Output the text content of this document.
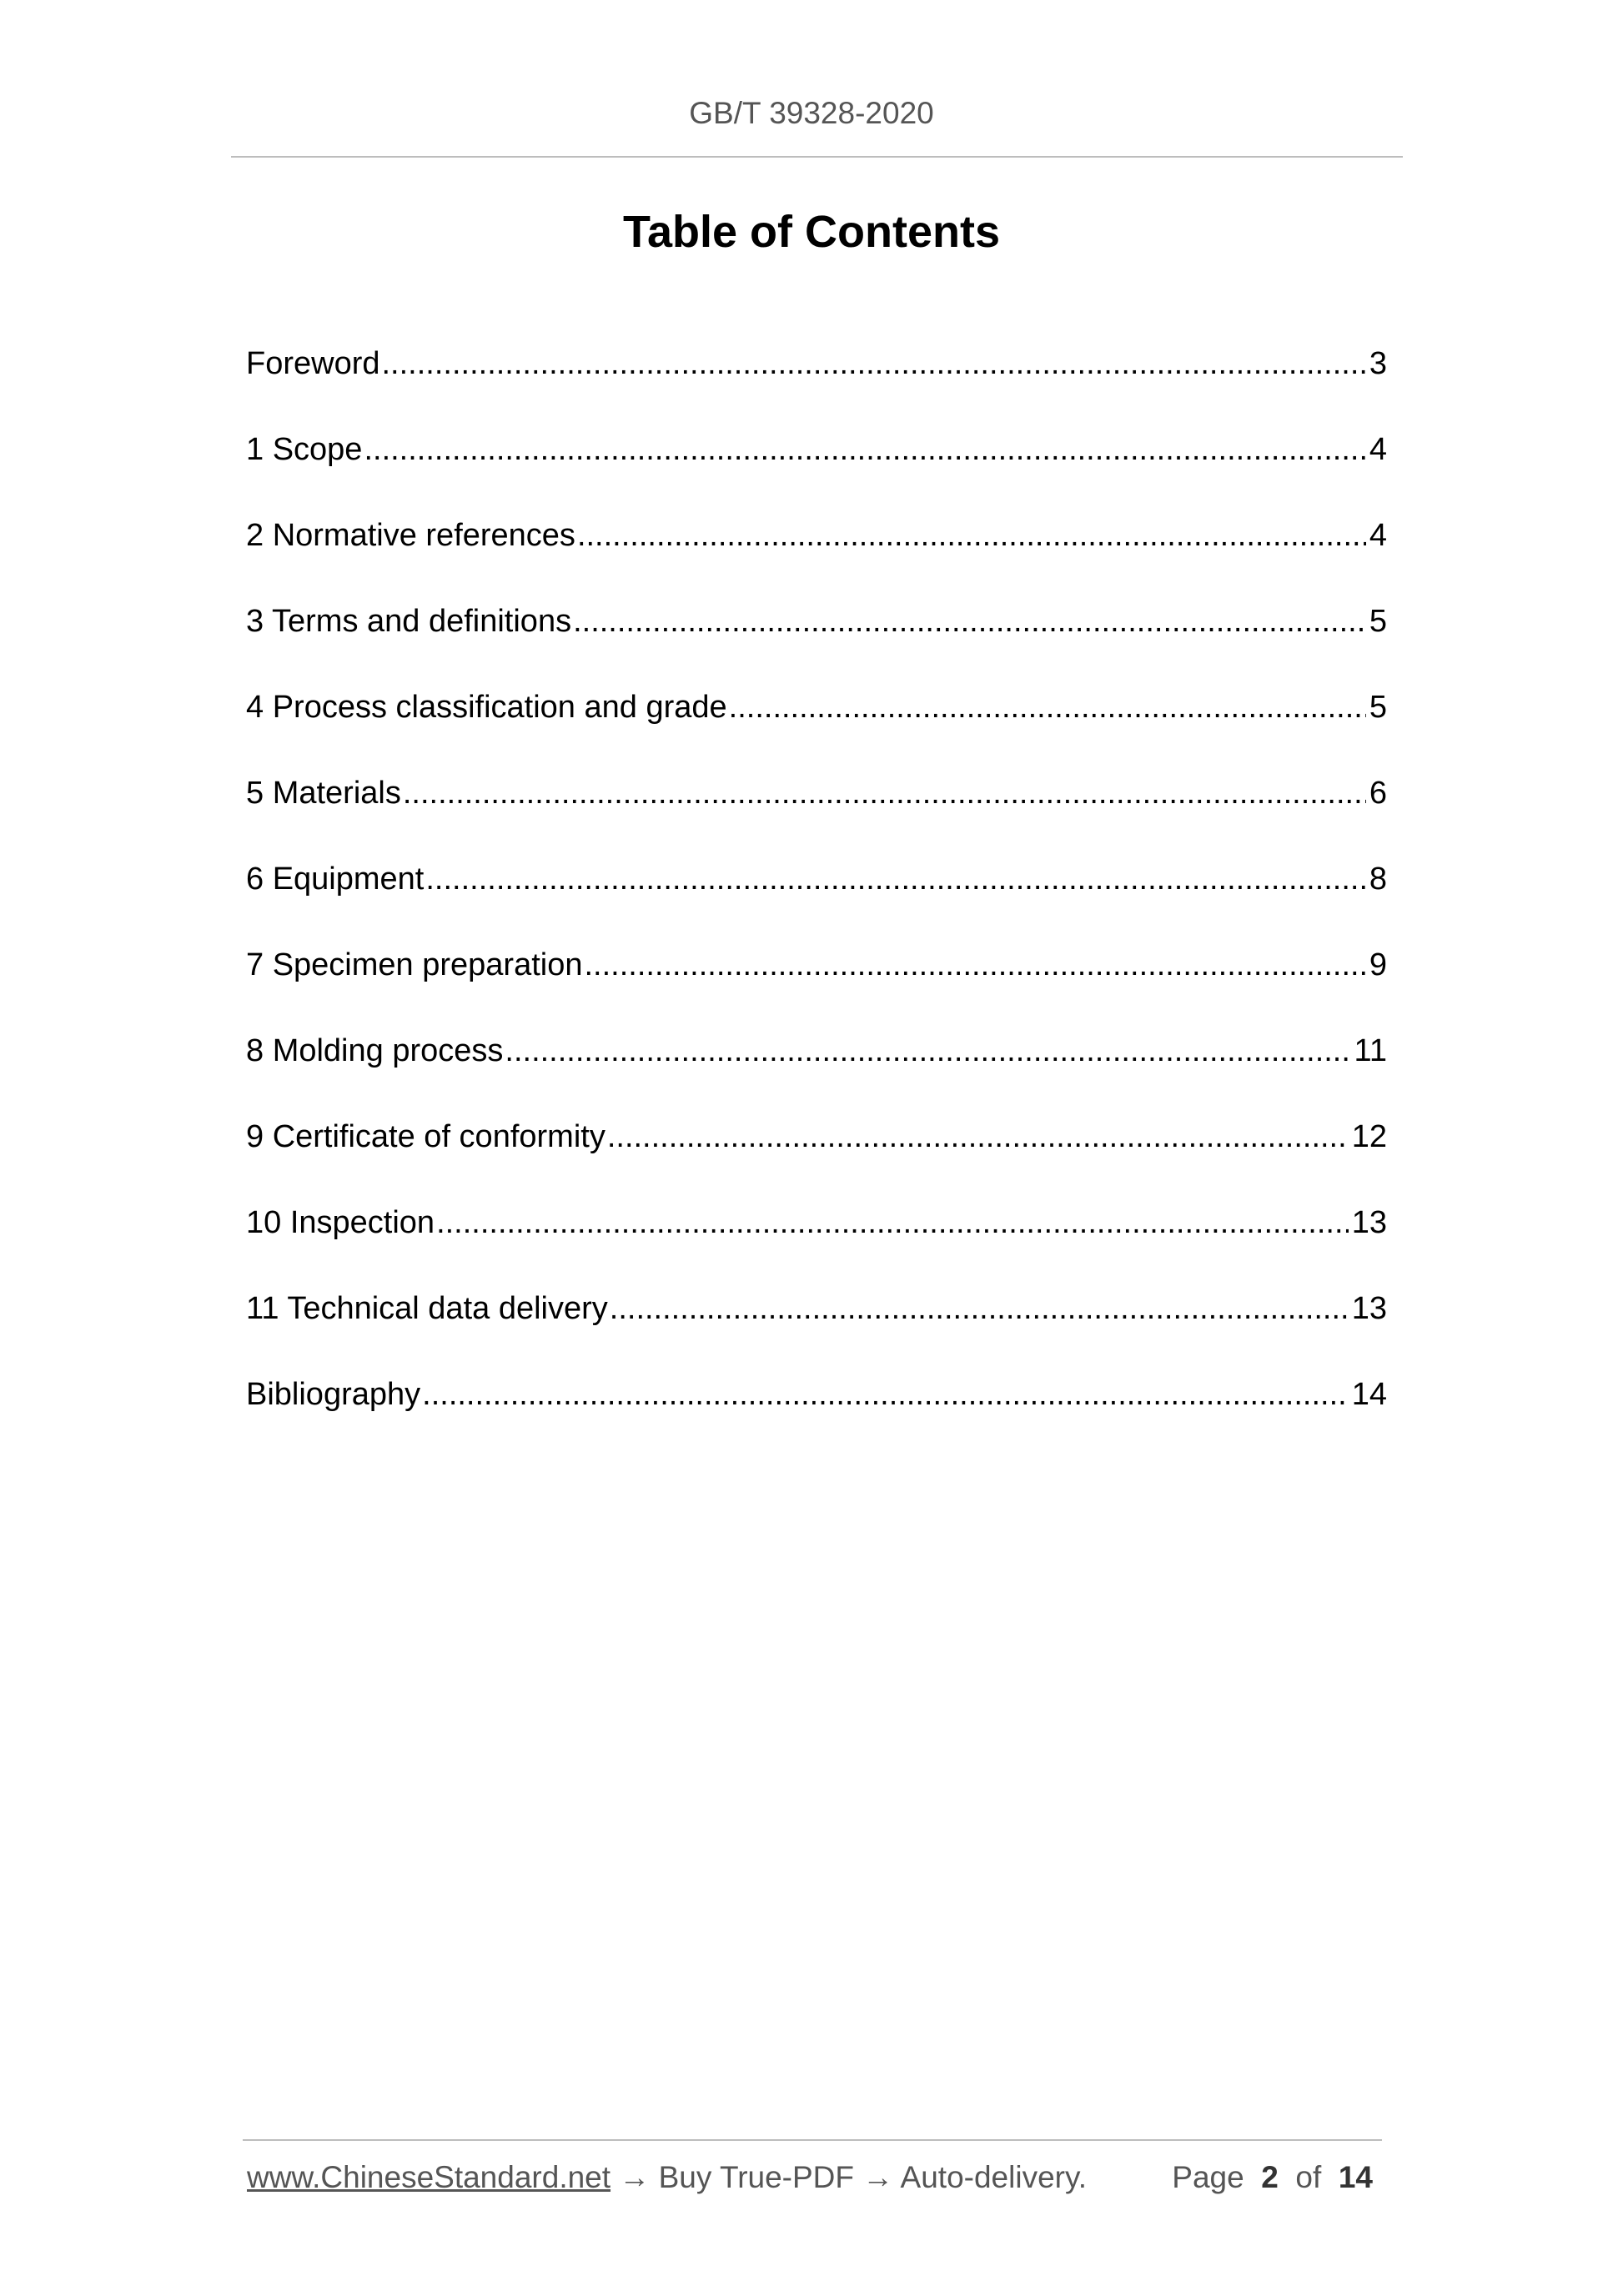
GB/T 39328-2020
Table of Contents
Foreword .....	3
1 Scope .....	4
2 Normative references .....	4
3 Terms and definitions .....	5
4 Process classification and grade .....	5
5 Materials .....	6
6 Equipment .....	8
7 Specimen preparation .....	9
8 Molding process .....	11
9 Certificate of conformity .....	12
10 Inspection .....	13
11 Technical data delivery .....	13
Bibliography .....	14
www.ChineseStandard.net → Buy True-PDF → Auto-delivery.	Page 2 of 14
